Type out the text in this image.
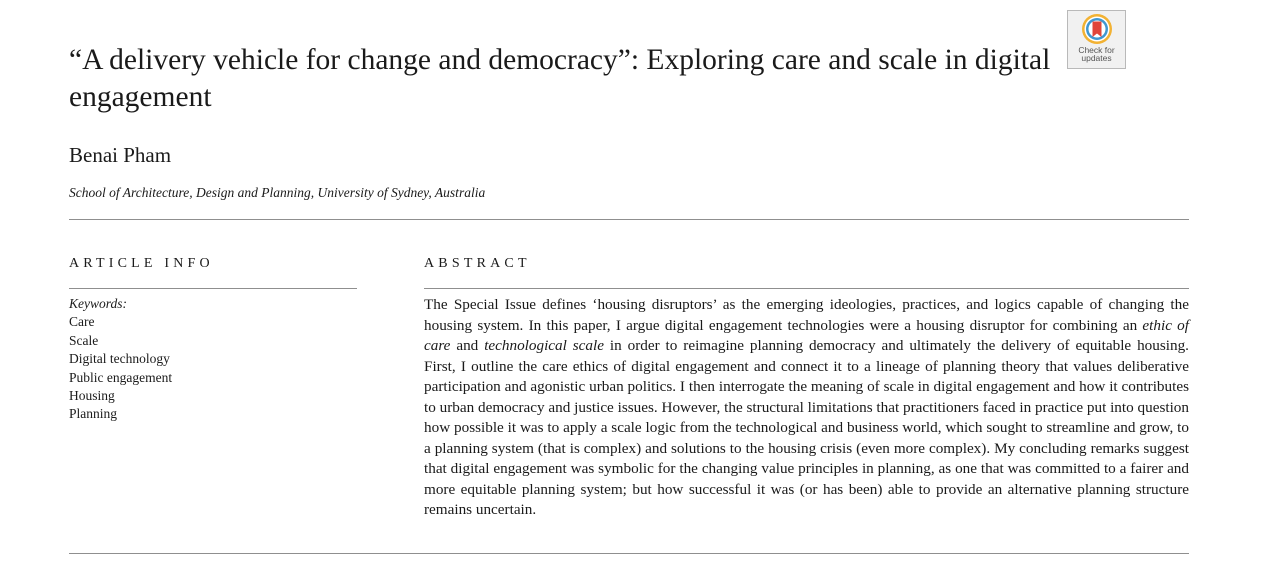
“A delivery vehicle for change and democracy”: Exploring care and scale in digital engagement
Check for
updates

Benai Pham

School of Architecture, Design and Planning, University of Sydney, Australia

ARTICLE INFO
Keywords:
Care
Scale
Digital technology
Public engagement
Housing
Planning
ABSTRACT

The Special Issue defines ‘housing disruptors’ as the emerging ideologies, practices, and logics capable of changing the housing system. In this paper, I argue digital engagement technologies were a housing disruptor for combining an ethic of care and technological scale in order to reimagine planning democracy and ultimately the delivery of equitable housing. First, I outline the care ethics of digital engagement and connect it to a lineage of planning theory that values deliberative participation and agonistic urban politics. I then interrogate the meaning of scale in digital engagement and how it contributes to urban democracy and justice issues. However, the structural limitations that practitioners faced in practice put into question how possible it was to apply a scale logic from the technological and business world, which sought to streamline and grow, to a planning system (that is complex) and solutions to the housing crisis (even more complex). My concluding remarks suggest that digital engagement was symbolic for the changing value principles in planning, as one that was committed to a fairer and more equitable planning system; but how successful it was (or has been) able to provide an alternative planning structure remains uncertain.
